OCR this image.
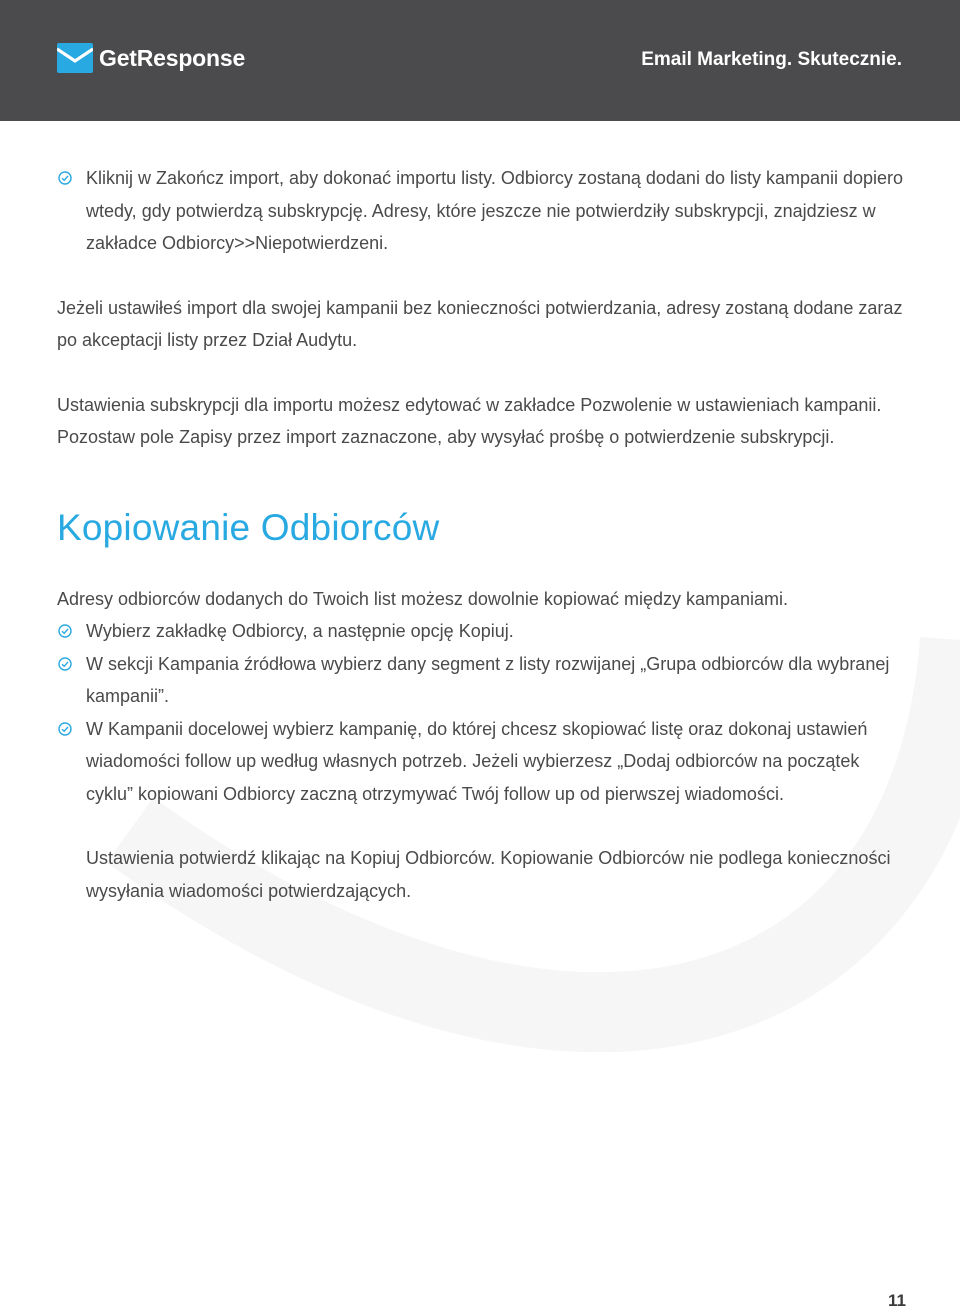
GetResponse	Email Marketing. Skutecznie.
Kliknij w Zakończ import, aby dokonać importu listy. Odbiorcy zostaną dodani do listy kampanii dopiero wtedy, gdy potwierdzą subskrypcję. Adresy, które jeszcze nie potwierdziły subskrypcji, znajdziesz w zakładce Odbiorcy>>Niepotwierdzeni.

Jeżeli ustawiłeś import dla swojej kampanii bez konieczności potwierdzania, adresy zostaną dodane zaraz po akceptacji listy przez Dział Audytu.

Ustawienia subskrypcji dla importu możesz edytować w zakładce Pozwolenie w ustawieniach kampanii. Pozostaw pole Zapisy przez import zaznaczone, aby wysyłać prośbę o potwierdzenie subskrypcji.

Kopiowanie Odbiorców

Adresy odbiorców dodanych do Twoich list możesz dowolnie kopiować między kampaniami.

Wybierz zakładkę Odbiorcy, a następnie opcję Kopiuj.
W sekcji Kampania źródłowa wybierz dany segment z listy rozwijanej „Grupa odbiorców dla wybranej kampanii”.
W Kampanii docelowej wybierz kampanię, do której chcesz skopiować listę oraz dokonaj ustawień wiadomości follow up według własnych potrzeb. Jeżeli wybierzesz „Dodaj odbiorców na początek cyklu” kopiowani Odbiorcy zaczną otrzymywać Twój follow up od pierwszej wiadomości.

Ustawienia potwierdź klikając na Kopiuj Odbiorców. Kopiowanie Odbiorców nie podlega konieczności wysyłania wiadomości potwierdzających.

11
